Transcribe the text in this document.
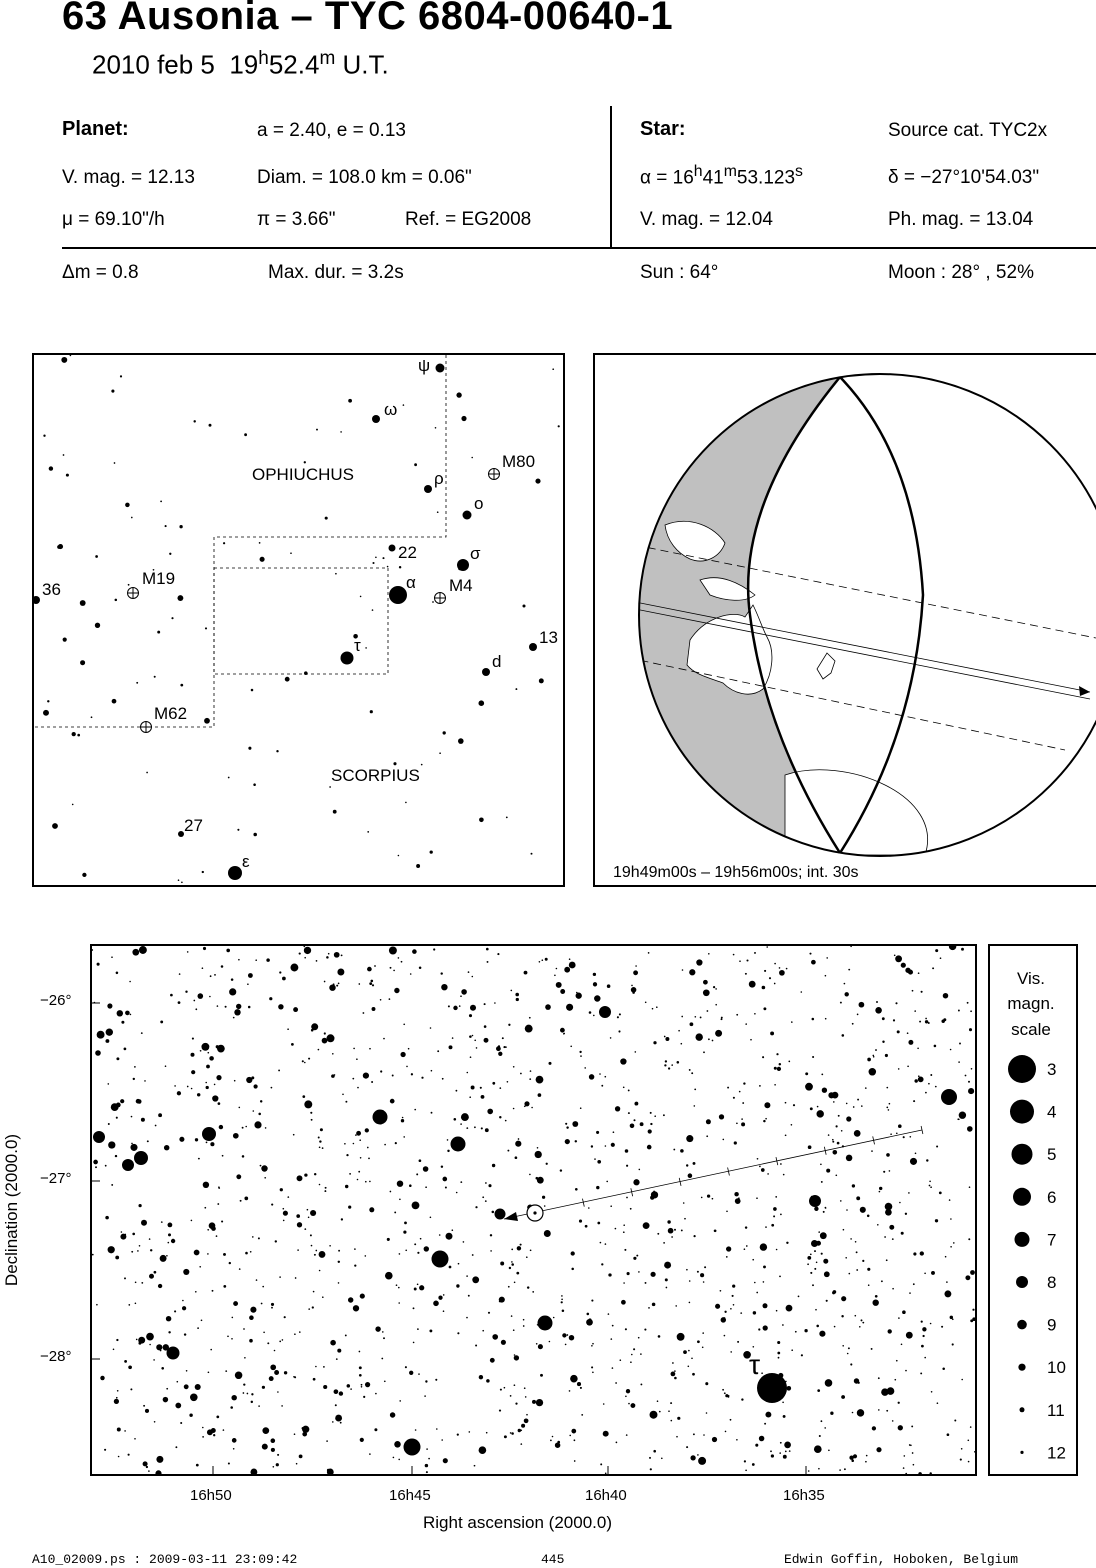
63 Ausonia – TYC 6804-00640-1
2010 feb 5 19$^h$52.4$^m$ U.T.
Planet:	a = 2.40, e = 0.13
V. mag. = 12.13	Diam. = 108.0 km = 0.06"
μ = 69.10"/h	π = 3.66"	Ref. = EG2008
Star:	Source cat. TYC2x
$\alpha = 16^h41^m53.123^s$	δ = −27°10'54.03"
V. mag. = 12.04	Ph. mag. = 13.04
Δm = 0.8	Max. dur. = 3.2s	Sun : 64°	Moon : 28° , 52%
OPHIUCHUS
SCORPIUS
ψ
ω
ρ
ο
σ
α
τ
ε
M80
22
M4
M19
36
13
d
M62
27
19h49m00s – 19h56m00s; int. 30s
τ
−26°
−27°
−28°
16h50	16h45	16h40	16h35
Right ascension (2000.0)
Declination (2000.0)
Vis.
magn.
scale
3
4
5
6
7
8
9
10
11
12
A10_02009.ps : 2009-03-11 23:09:42	445	Edwin Goffin, Hoboken, Belgium
